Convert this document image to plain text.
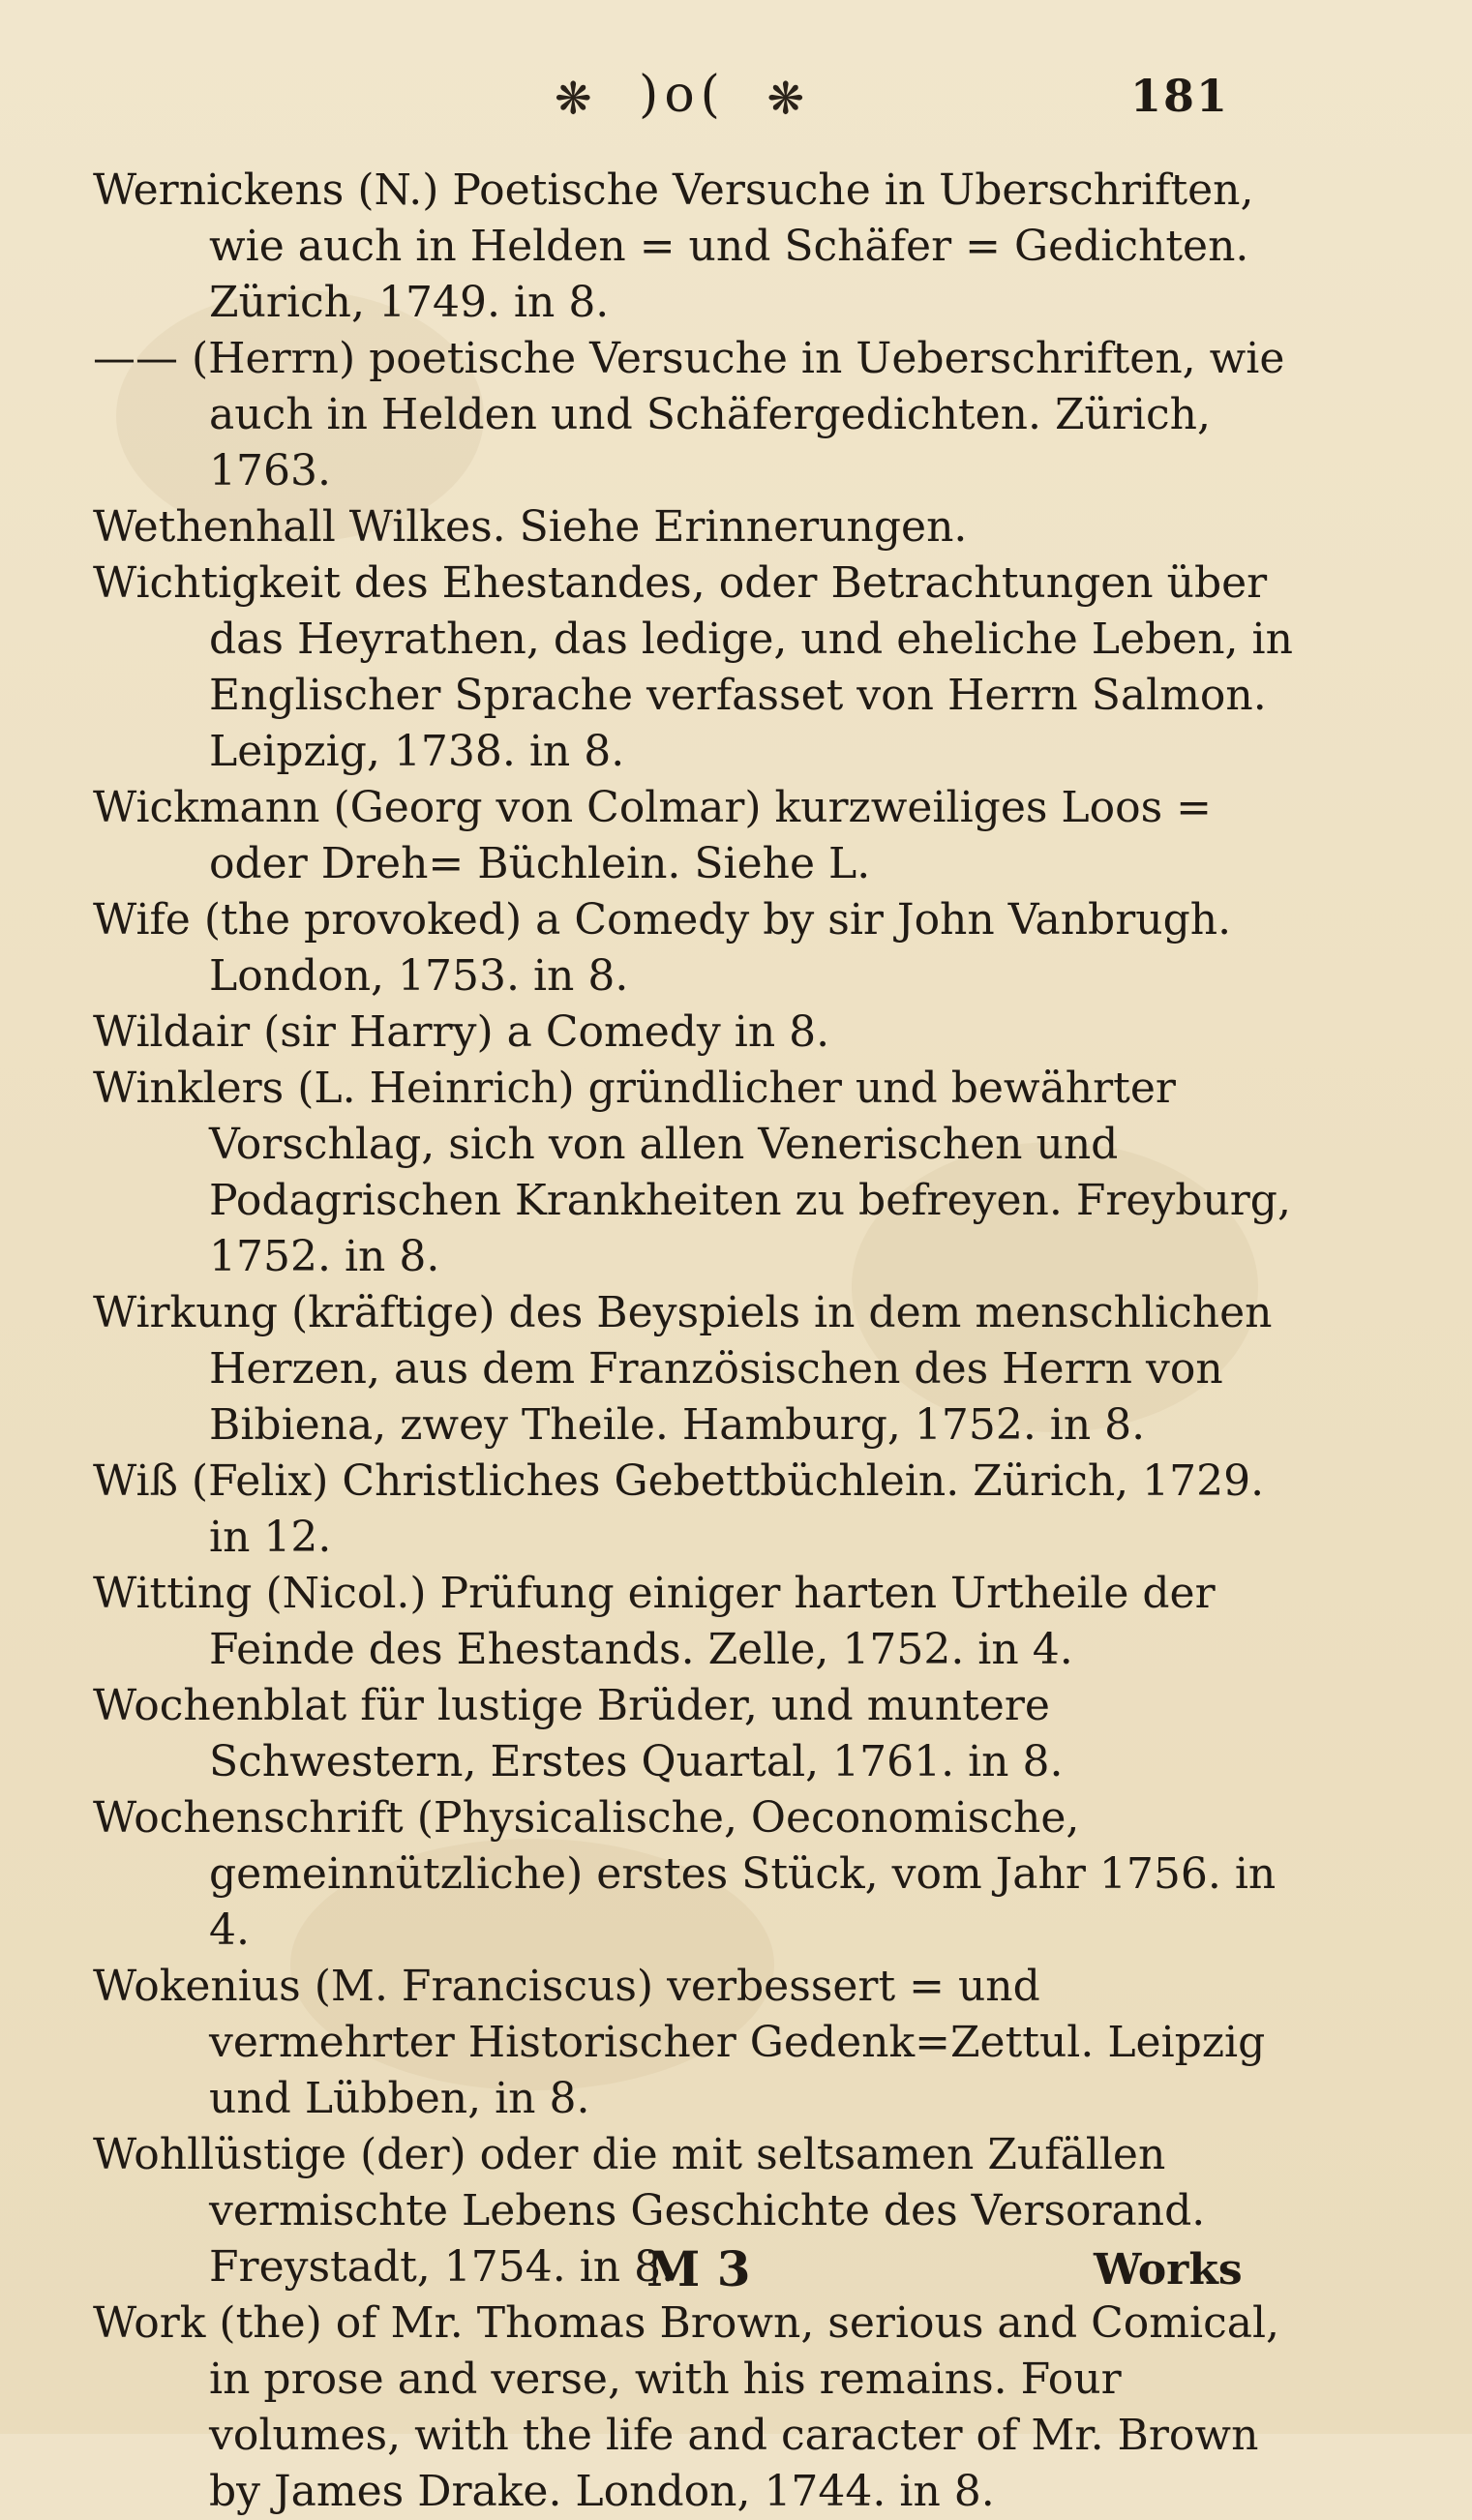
❋ )o( ❋	181

Wernickens (N.) Poetische Versuche in Uberschriften, wie auch in Helden = und Schäfer = Gedichten. Zürich, 1749. in 8.

—— (Herrn) poetische Versuche in Ueberschriften, wie auch in Helden und Schäfergedichten. Zürich, 1763.

Wethenhall Wilkes. Siehe Erinnerungen.

Wichtigkeit des Ehestandes, oder Betrachtungen über das Heyrathen, das ledige, und eheliche Leben, in Englischer Sprache verfasset von Herrn Salmon. Leipzig, 1738. in 8.

Wickmann (Georg von Colmar) kurzweiliges Loos = oder Dreh= Büchlein. Siehe L.

Wife (the provoked) a Comedy by sir John Vanbrugh. London, 1753. in 8.

Wildair (sir Harry) a Comedy in 8.

Winklers (L. Heinrich) gründlicher und bewährter Vorschlag, sich von allen Venerischen und Podagrischen Krankheiten zu befreyen. Freyburg, 1752. in 8.

Wirkung (kräftige) des Beyspiels in dem menschlichen Herzen, aus dem Französischen des Herrn von Bibiena, zwey Theile. Hamburg, 1752. in 8.

Wiß (Felix) Christliches Gebettbüchlein. Zürich, 1729. in 12.

Witting (Nicol.) Prüfung einiger harten Urtheile der Feinde des Ehestands. Zelle, 1752. in 4.

Wochenblat für lustige Brüder, und muntere Schwestern, Erstes Quartal, 1761. in 8.

Wochenschrift (Physicalische, Oeconomische, gemeinnützliche) erstes Stück, vom Jahr 1756. in 4.

Wokenius (M. Franciscus) verbessert = und vermehrter Historischer Gedenk=Zettul. Leipzig und Lübben, in 8.

Wohllüstige (der) oder die mit seltsamen Zufällen vermischte Lebens Geschichte des Versorand. Freystadt, 1754. in 8.

Work (the) of Mr. Thomas Brown, serious and Comical, in prose and verse, with his remains. Four volumes, with the life and caracter of Mr. Brown by James Drake. London, 1744. in 8.

M 3	Works
